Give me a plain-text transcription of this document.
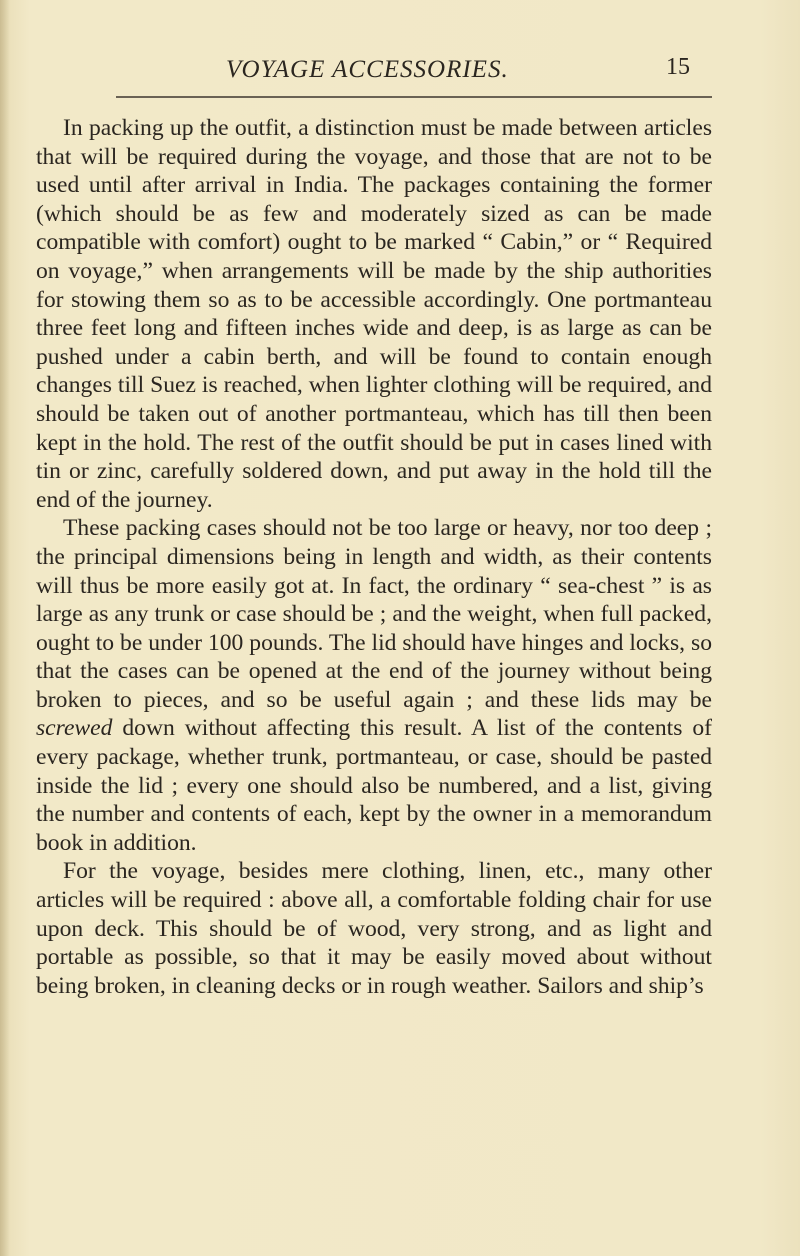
VOYAGE ACCESSORIES.	15

In packing up the outfit, a distinction must be made between articles that will be required during the voyage, and those that are not to be used until after arrival in India. The packages containing the former (which should be as few and moderately sized as can be made compatible with comfort) ought to be marked “ Cabin,” or “ Required on voyage,” when arrangements will be made by the ship authorities for stowing them so as to be accessible accordingly. One portmanteau three feet long and fifteen inches wide and deep, is as large as can be pushed under a cabin berth, and will be found to contain enough changes till Suez is reached, when lighter clothing will be required, and should be taken out of another portmanteau, which has till then been kept in the hold. The rest of the outfit should be put in cases lined with tin or zinc, carefully soldered down, and put away in the hold till the end of the journey.

These packing cases should not be too large or heavy, nor too deep ; the principal dimensions being in length and width, as their contents will thus be more easily got at. In fact, the ordinary “ sea-chest ” is as large as any trunk or case should be ; and the weight, when full packed, ought to be under 100 pounds. The lid should have hinges and locks, so that the cases can be opened at the end of the journey without being broken to pieces, and so be useful again ; and these lids may be screwed down without affecting this result. A list of the contents of every package, whether trunk, portmanteau, or case, should be pasted inside the lid ; every one should also be numbered, and a list, giving the number and contents of each, kept by the owner in a memorandum book in addition.

For the voyage, besides mere clothing, linen, etc., many other articles will be required : above all, a comfortable folding chair for use upon deck. This should be of wood, very strong, and as light and portable as possible, so that it may be easily moved about without being broken, in cleaning decks or in rough weather. Sailors and ship’s
